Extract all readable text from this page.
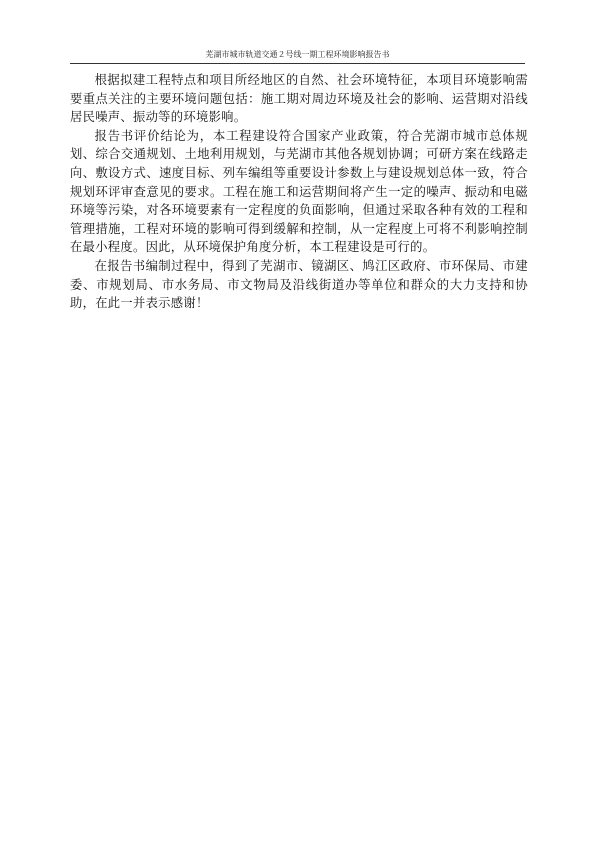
芜湖市城市轨道交通２号线一期工程环境影响报告书

根据拟建工程特点和项目所经地区的自然、社会环境特征，本项目环境影响需要重点关注的主要环境问题包括：施工期对周边环境及社会的影响、运营期对沿线居民噪声、振动等的环境影响。

报告书评价结论为，本工程建设符合国家产业政策，符合芜湖市城市总体规划、综合交通规划、土地利用规划，与芜湖市其他各规划协调；可研方案在线路走向、敷设方式、速度目标、列车编组等重要设计参数上与建设规划总体一致，符合规划环评审查意见的要求。工程在施工和运营期间将产生一定的噪声、振动和电磁环境等污染，对各环境要素有一定程度的负面影响，但通过采取各种有效的工程和管理措施，工程对环境的影响可得到缓解和控制，从一定程度上可将不利影响控制在最小程度。因此，从环境保护角度分析，本工程建设是可行的。

在报告书编制过程中，得到了芜湖市、镜湖区、鸠江区政府、市环保局、市建委、市规划局、市水务局、市文物局及沿线街道办等单位和群众的大力支持和协助，在此一并表示感谢！
